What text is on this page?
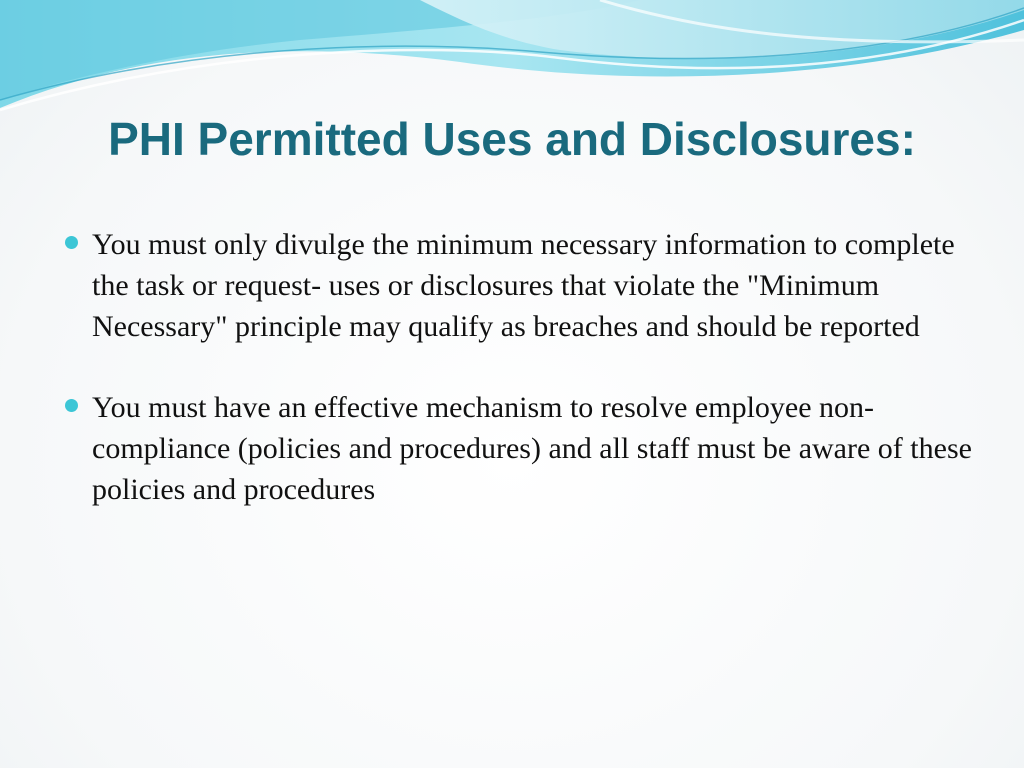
PHI Permitted Uses and Disclosures:
You must only divulge the minimum necessary information to complete the task or request- uses or disclosures that violate the "Minimum Necessary" principle may qualify as breaches and should be reported
You must have an effective mechanism to resolve employee non-compliance (policies and procedures) and all staff must be aware of these policies and procedures
